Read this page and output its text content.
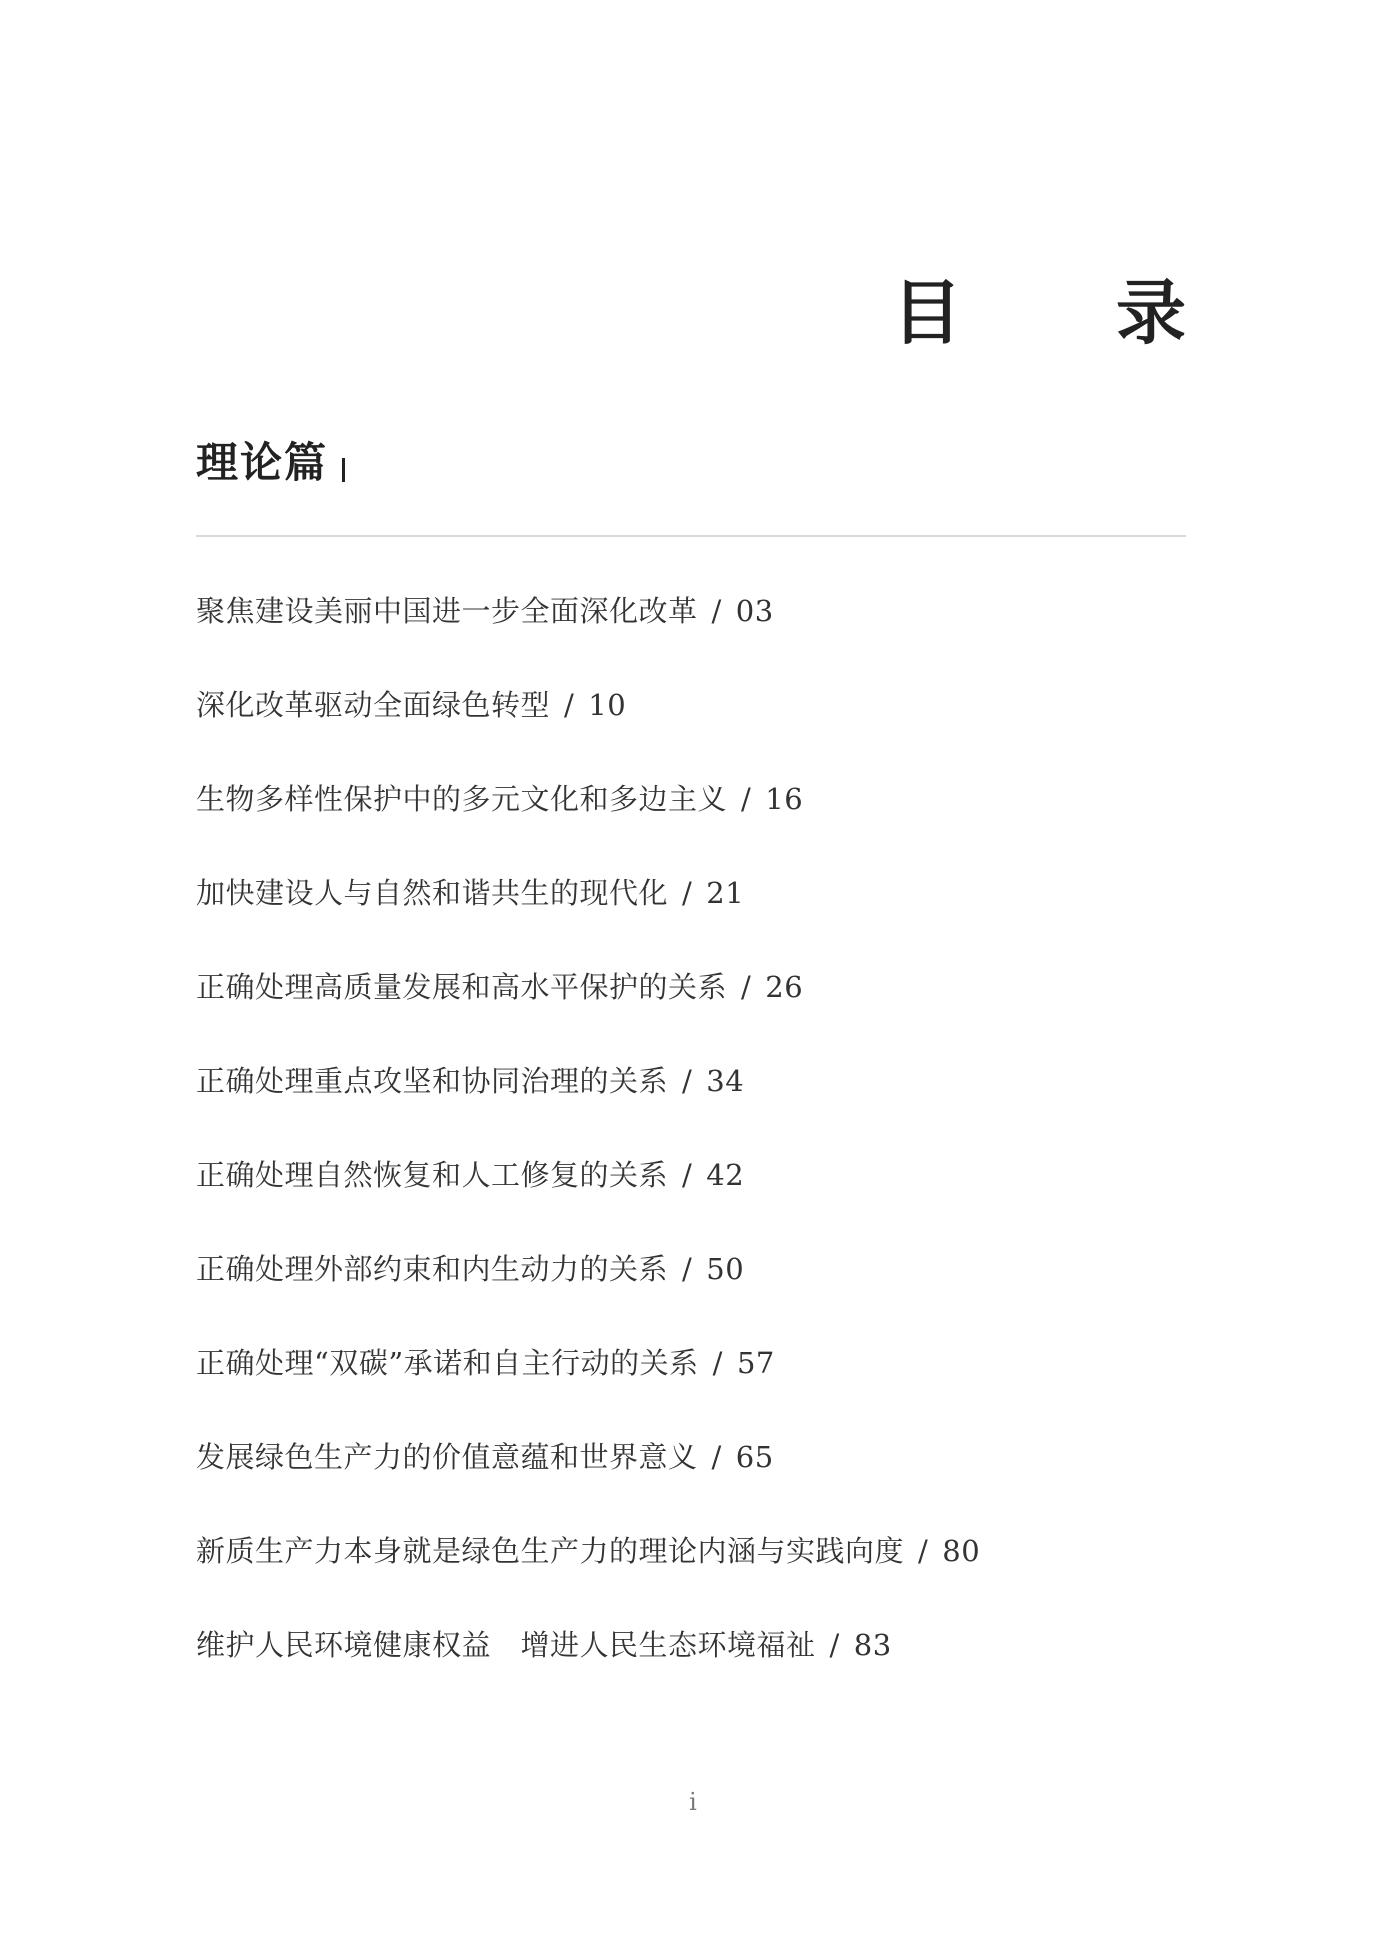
目　录
理论篇
聚焦建设美丽中国进一步全面深化改革 / 03
深化改革驱动全面绿色转型 / 10
生物多样性保护中的多元文化和多边主义 / 16
加快建设人与自然和谐共生的现代化 / 21
正确处理高质量发展和高水平保护的关系 / 26
正确处理重点攻坚和协同治理的关系 / 34
正确处理自然恢复和人工修复的关系 / 42
正确处理外部约束和内生动力的关系 / 50
正确处理“双碳”承诺和自主行动的关系 / 57
发展绿色生产力的价值意蕴和世界意义 / 65
新质生产力本身就是绿色生产力的理论内涵与实践向度 / 80
维护人民环境健康权益　增进人民生态环境福祉 / 83
i
